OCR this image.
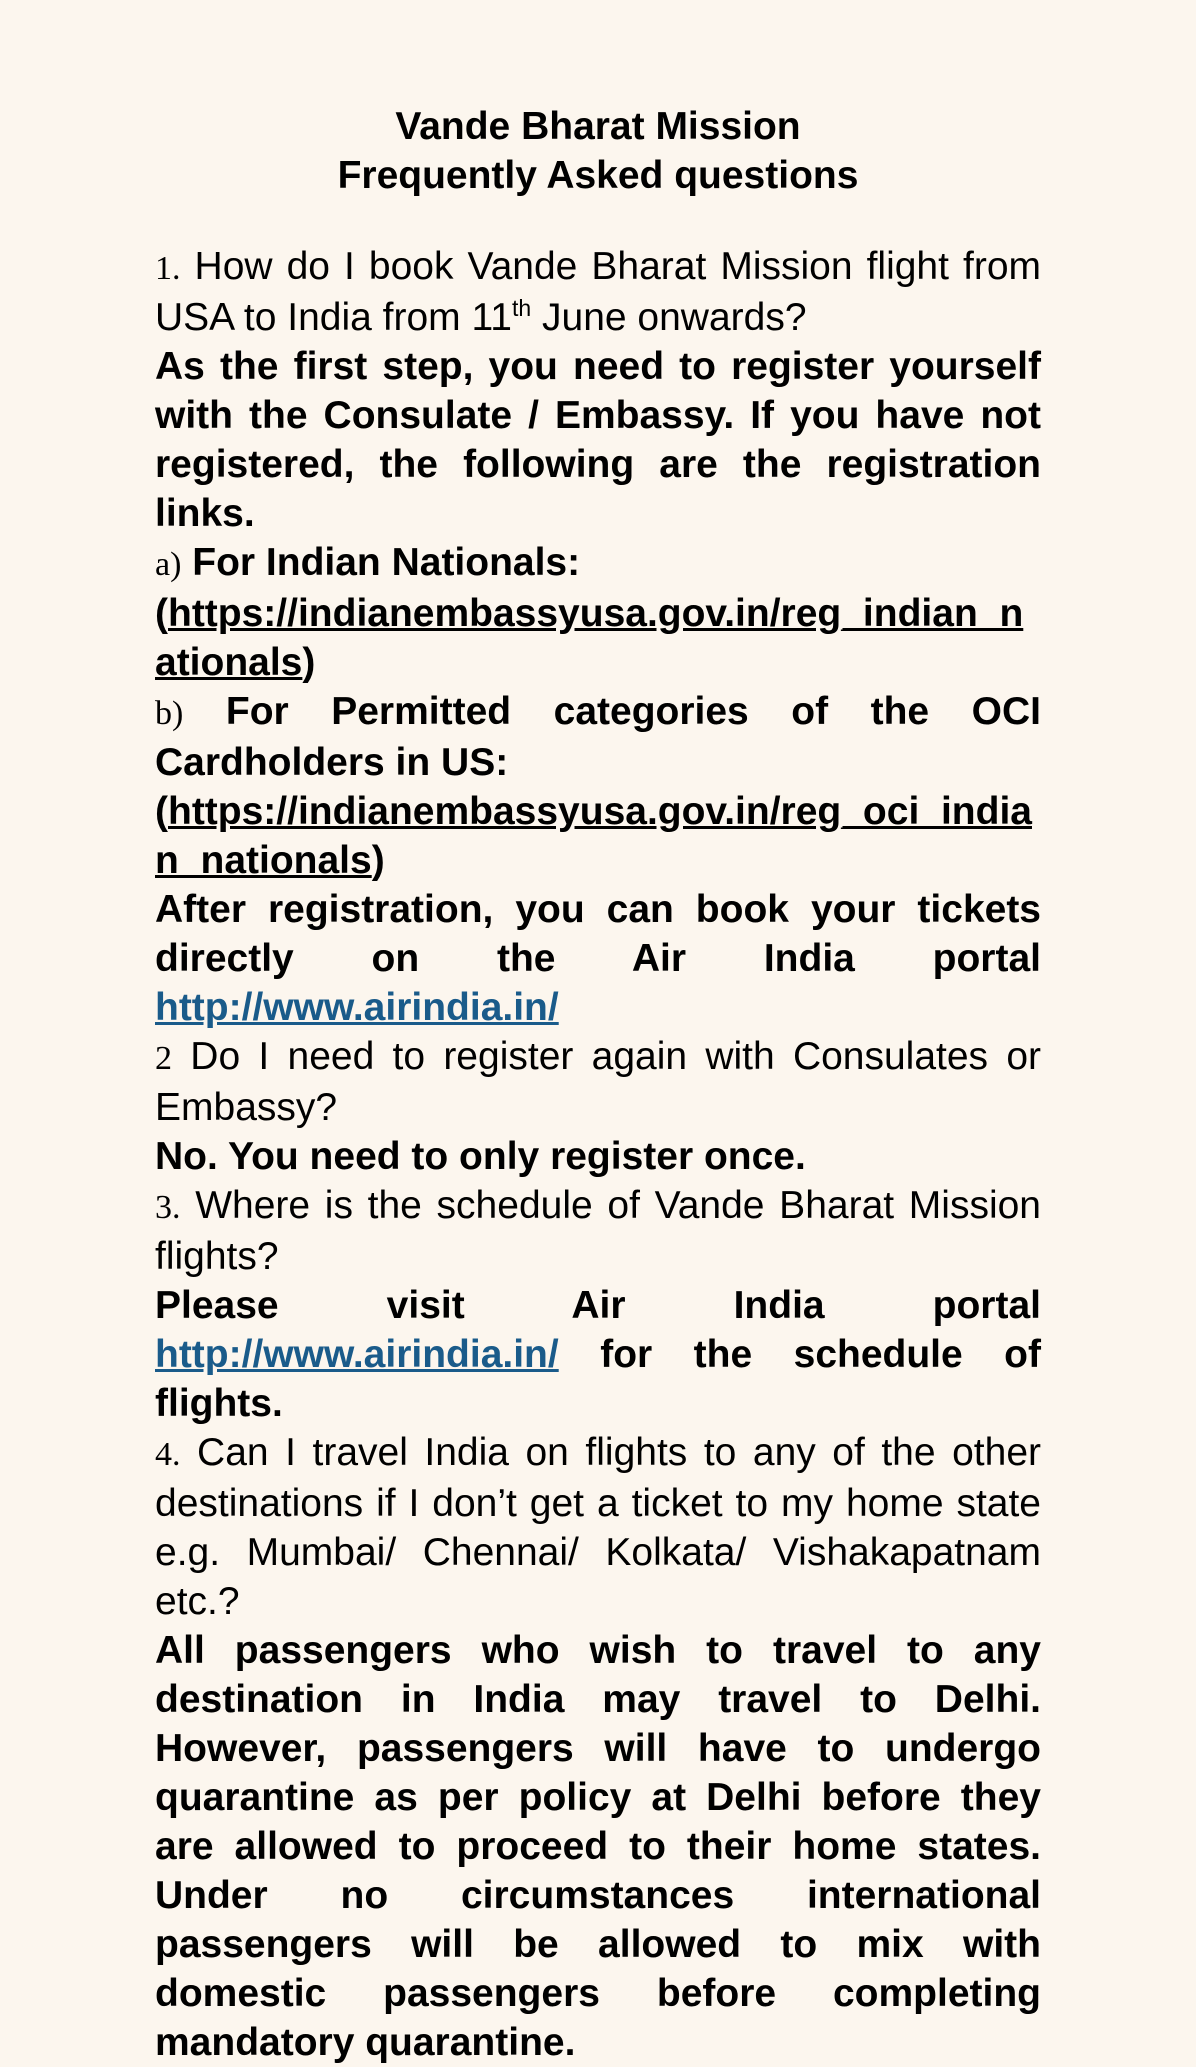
Vande Bharat Mission
Frequently Asked questions

1. How do I book Vande Bharat Mission flight from USA to India from 11th June onwards?

As the first step, you need to register yourself with the Consulate / Embassy. If you have not registered, the following are the registration links.

a) For Indian Nationals:
(https://indianembassyusa.gov.in/reg_indian_nationals)

b) For Permitted categories of the OCI Cardholders in US:

(https://indianembassyusa.gov.in/reg_oci_indian_nationals)

After registration, you can book your tickets
directly on the Air India portal
http://www.airindia.in/

2 Do I need to register again with Consulates or Embassy?

No. You need to only register once.

3. Where is the schedule of Vande Bharat Mission flights?

Please visit Air India portal
http://www.airindia.in/ for the schedule of flights.

4. Can I travel India on flights to any of the other destinations if I don’t get a ticket to my home state e.g. Mumbai/ Chennai/ Kolkata/ Vishakapatnam etc.?

All passengers who wish to travel to any destination in India may travel to Delhi. However, passengers will have to undergo quarantine as per policy at Delhi before they are allowed to proceed to their home states. Under no circumstances international passengers will be allowed to mix with domestic passengers before completing mandatory quarantine.
